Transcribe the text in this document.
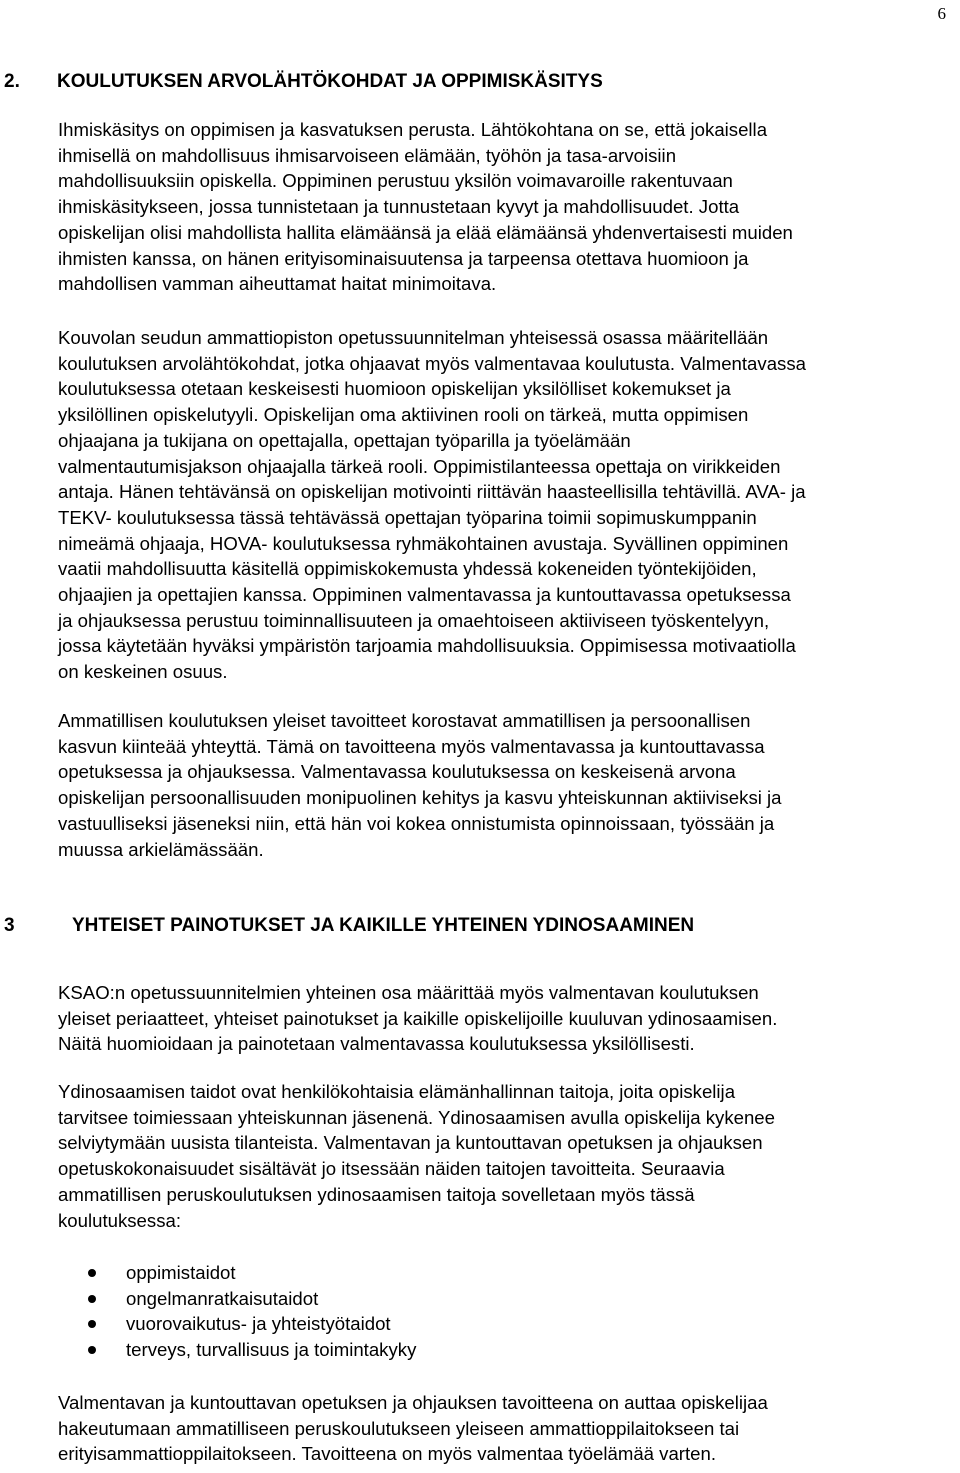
6
2. KOULUTUKSEN ARVOLÄHTÖKOHDAT JA OPPIMISKÄSITYS

Ihmiskäsitys on oppimisen ja kasvatuksen perusta. Lähtökohtana on se, että jokaisella
ihmisellä on mahdollisuus ihmisarvoiseen elämään, työhön ja tasa-arvoisiin
mahdollisuuksiin opiskella. Oppiminen perustuu yksilön voimavaroille rakentuvaan
ihmiskäsitykseen, jossa tunnistetaan ja tunnustetaan kyvyt ja mahdollisuudet. Jotta
opiskelijan olisi mahdollista hallita elämäänsä ja elää elämäänsä yhdenvertaisesti muiden
ihmisten kanssa, on hänen erityisominaisuutensa ja tarpeensa otettava huomioon ja
mahdollisen vamman aiheuttamat haitat minimoitava.

Kouvolan seudun ammattiopiston opetussuunnitelman yhteisessä osassa määritellään
koulutuksen arvolähtökohdat, jotka ohjaavat myös valmentavaa koulutusta. Valmentavassa
koulutuksessa otetaan keskeisesti huomioon opiskelijan yksilölliset kokemukset ja
yksilöllinen opiskelutyyli. Opiskelijan oma aktiivinen rooli on tärkeä, mutta oppimisen
ohjaajana ja tukijana on opettajalla, opettajan työparilla ja työelämään
valmentautumisjakson ohjaajalla tärkeä rooli. Oppimistilanteessa opettaja on virikkeiden
antaja. Hänen tehtävänsä on opiskelijan motivointi riittävän haasteellisilla tehtävillä. AVA- ja
TEKV- koulutuksessa tässä tehtävässä opettajan työparina toimii sopimuskumppanin
nimeämä ohjaaja, HOVA- koulutuksessa ryhmäkohtainen avustaja. Syvällinen oppiminen
vaatii mahdollisuutta käsitellä oppimiskokemusta yhdessä kokeneiden työntekijöiden,
ohjaajien ja opettajien kanssa. Oppiminen valmentavassa ja kuntouttavassa opetuksessa
ja ohjauksessa perustuu toiminnallisuuteen ja omaehtoiseen aktiiviseen työskentelyyn,
jossa käytetään hyväksi ympäristön tarjoamia mahdollisuuksia. Oppimisessa motivaatiolla
on keskeinen osuus.

Ammatillisen koulutuksen yleiset tavoitteet korostavat ammatillisen ja persoonallisen
kasvun kiinteää yhteyttä. Tämä on tavoitteena myös valmentavassa ja kuntouttavassa
opetuksessa ja ohjauksessa. Valmentavassa koulutuksessa on keskeisenä arvona
opiskelijan persoonallisuuden monipuolinen kehitys ja kasvu yhteiskunnan aktiiviseksi ja
vastuulliseksi jäseneksi niin, että hän voi kokea onnistumista opinnoissaan, työssään ja
muussa arkielämässään.

3	YHTEISET PAINOTUKSET JA KAIKILLE YHTEINEN YDINOSAAMINEN

KSAO:n opetussuunnitelmien yhteinen osa määrittää myös valmentavan koulutuksen
yleiset periaatteet, yhteiset painotukset ja kaikille opiskelijoille kuuluvan ydinosaamisen.
Näitä huomioidaan ja painotetaan valmentavassa koulutuksessa yksilöllisesti.

Ydinosaamisen taidot ovat henkilökohtaisia elämänhallinnan taitoja, joita opiskelija
tarvitsee toimiessaan yhteiskunnan jäsenenä. Ydinosaamisen avulla opiskelija kykenee
selviytymään uusista tilanteista. Valmentavan ja kuntouttavan opetuksen ja ohjauksen
opetuskokonaisuudet sisältävät jo itsessään näiden taitojen tavoitteita. Seuraavia
ammatillisen peruskoulutuksen ydinosaamisen taitoja sovelletaan myös tässä
koulutuksessa:

oppimistaidot
ongelmanratkaisutaidot
vuorovaikutus- ja yhteistyötaidot
terveys, turvallisuus ja toimintakyky

Valmentavan ja kuntouttavan opetuksen ja ohjauksen tavoitteena on auttaa opiskelijaa
hakeutumaan ammatilliseen peruskoulutukseen yleiseen ammattioppilaitokseen tai
erityisammattioppilaitokseen. Tavoitteena on myös valmentaa työelämää varten.
